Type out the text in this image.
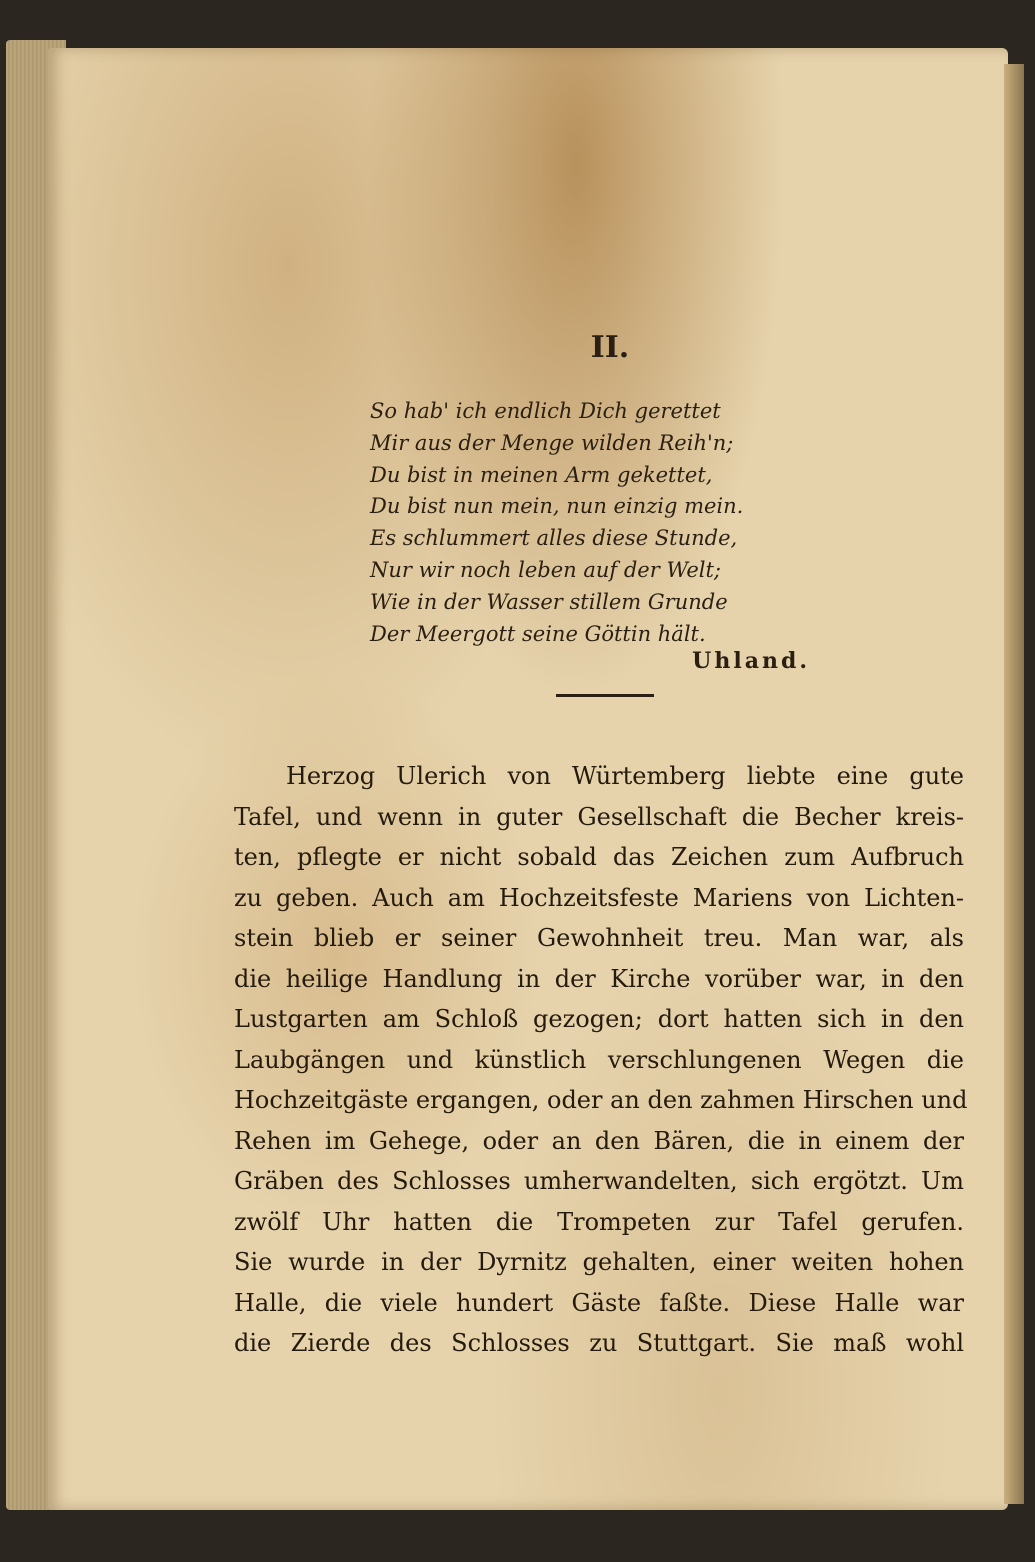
II.
So hab' ich endlich Dich gerettet
Mir aus der Menge wilden Reih'n;
Du bist in meinen Arm gekettet,
Du bist nun mein, nun einzig mein.
Es schlummert alles diese Stunde,
Nur wir noch leben auf der Welt;
Wie in der Wasser stillem Grunde
Der Meergott seine Göttin hält.
Uhland.
Herzog Ulerich von Würtemberg liebte eine gute
Tafel, und wenn in guter Gesellschaft die Becher kreis-
ten, pflegte er nicht sobald das Zeichen zum Aufbruch
zu geben. Auch am Hochzeitsfeste Mariens von Lichten-
stein blieb er seiner Gewohnheit treu. Man war, als
die heilige Handlung in der Kirche vorüber war, in den
Lustgarten am Schloß gezogen; dort hatten sich in den
Laubgängen und künstlich verschlungenen Wegen die
Hochzeitgäste ergangen, oder an den zahmen Hirschen und
Rehen im Gehege, oder an den Bären, die in einem der
Gräben des Schlosses umherwandelten, sich ergötzt. Um
zwölf Uhr hatten die Trompeten zur Tafel gerufen.
Sie wurde in der Dyrnitz gehalten, einer weiten hohen
Halle, die viele hundert Gäste faßte. Diese Halle war
die Zierde des Schlosses zu Stuttgart. Sie maß wohl
